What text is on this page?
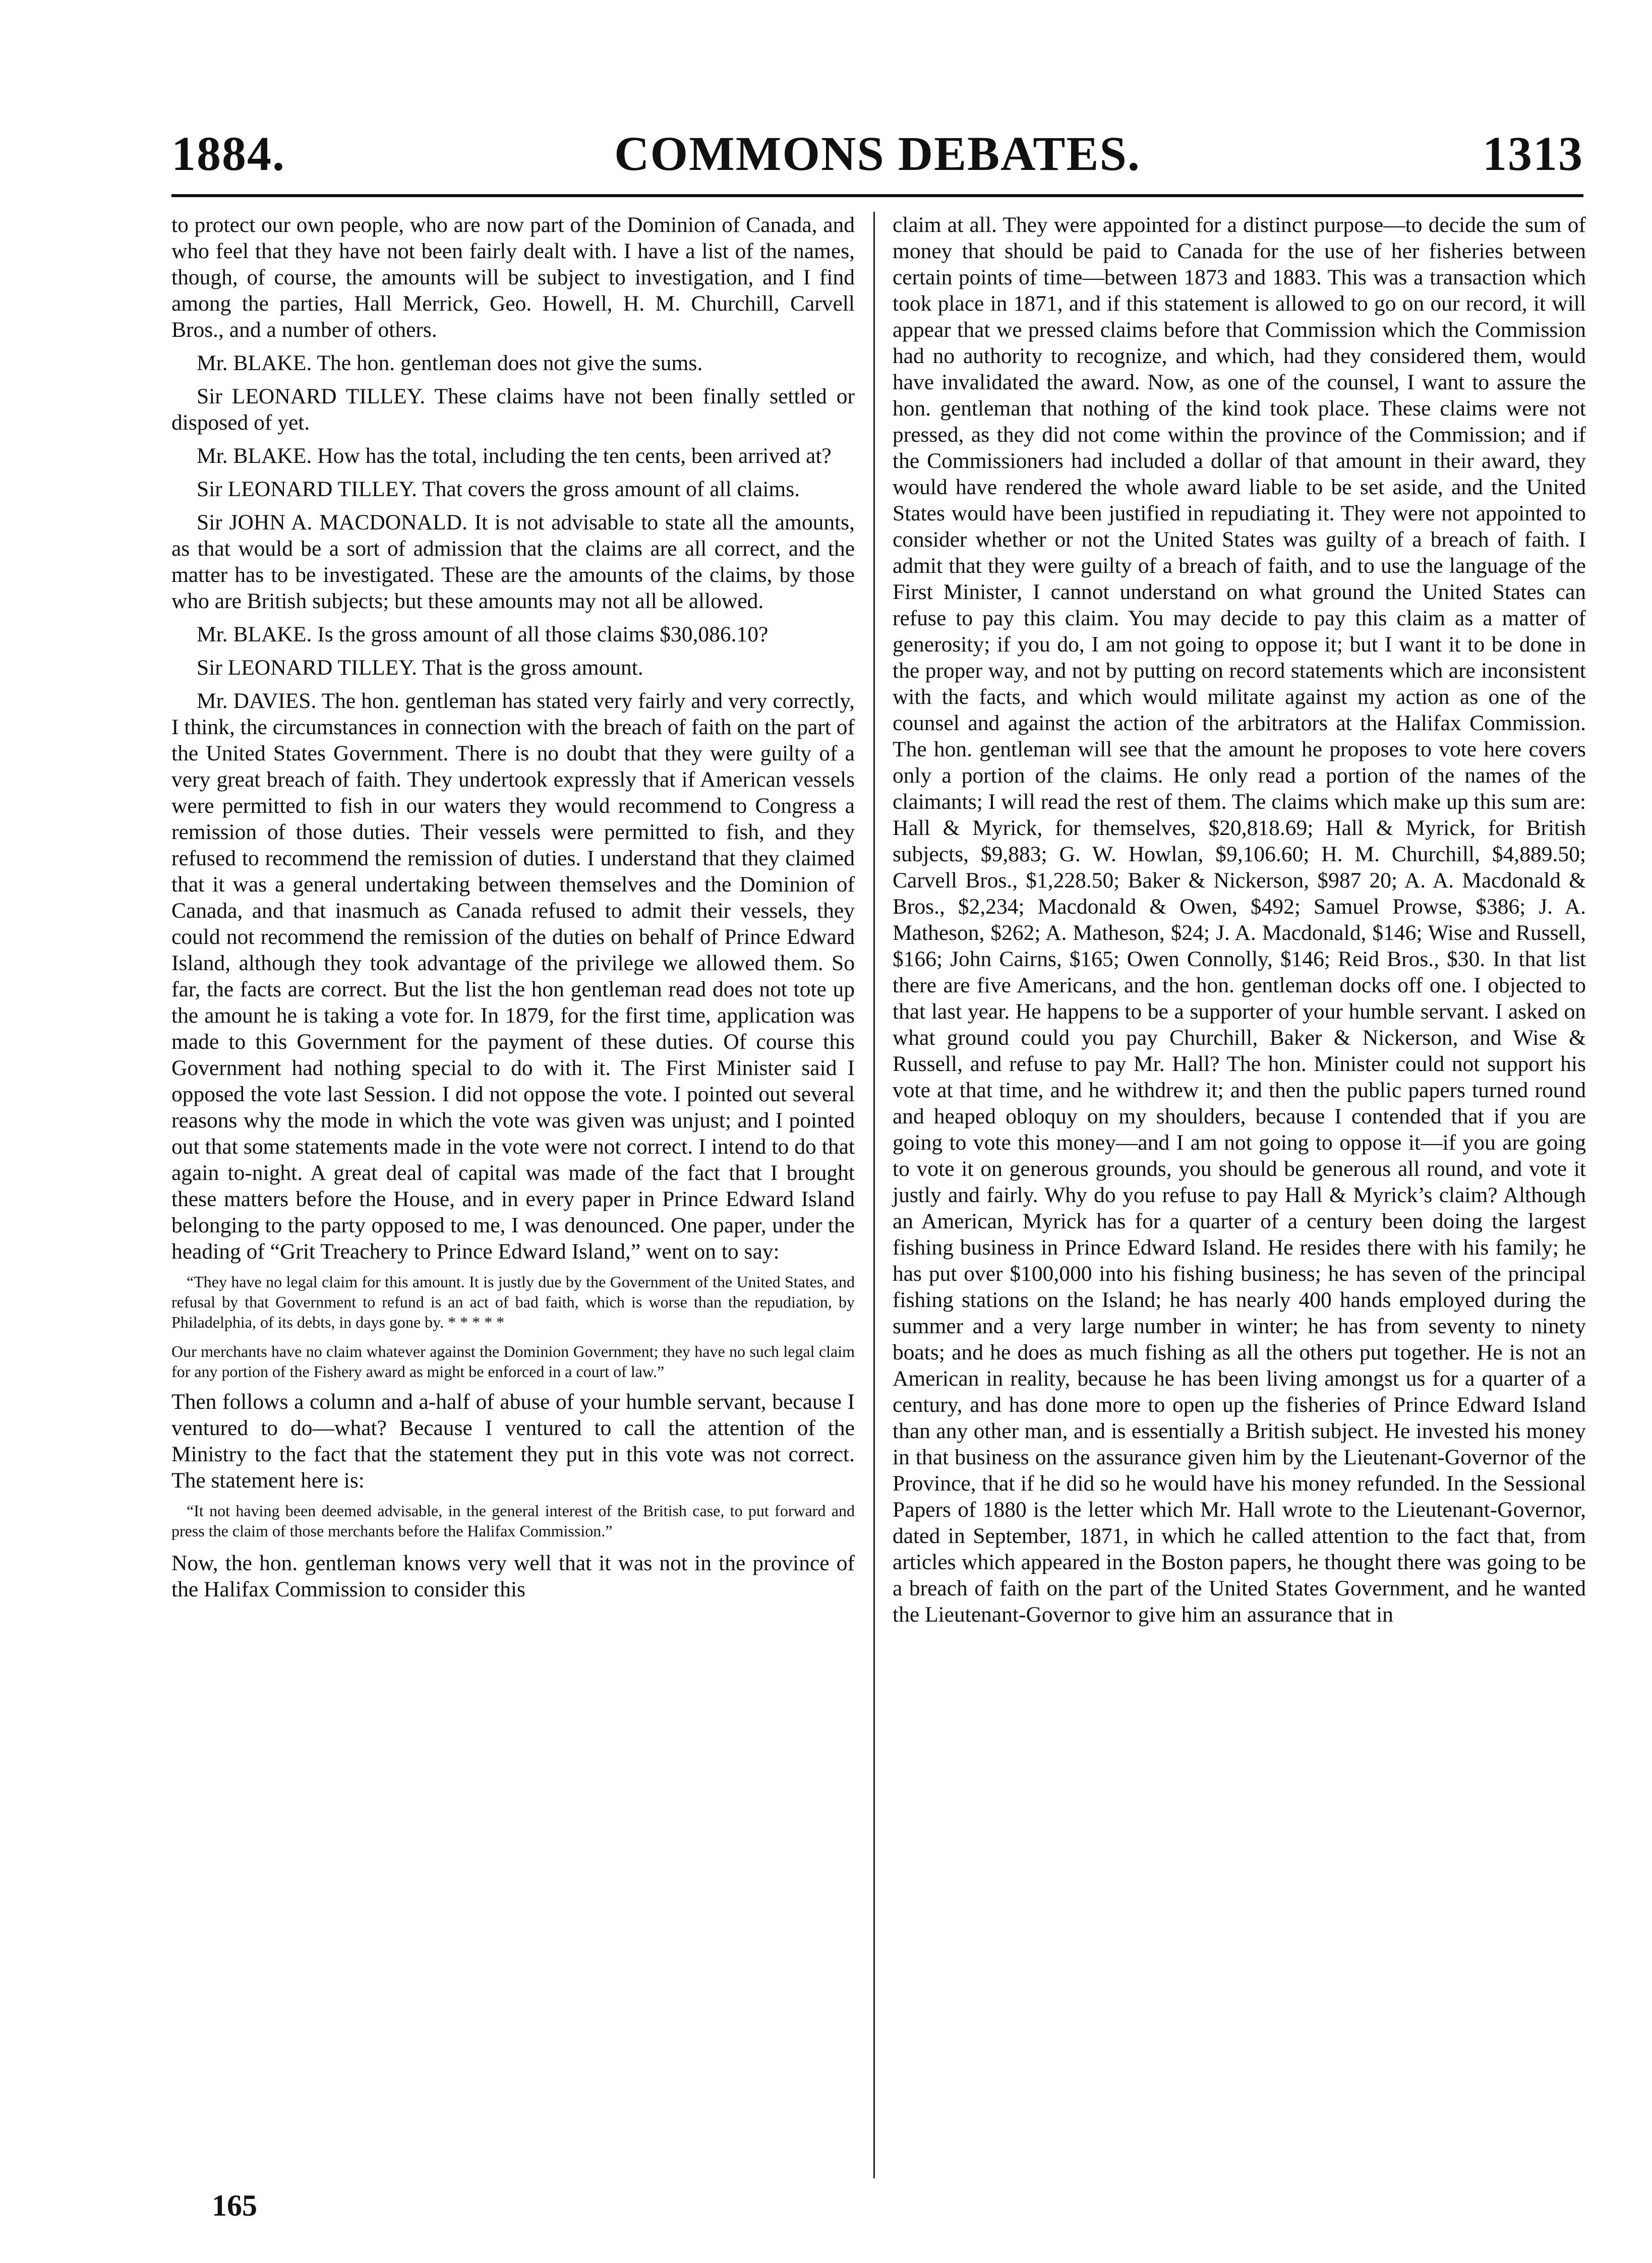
1884.	COMMONS DEBATES.	1313

to protect our own people, who are now part of the Dominion of Canada, and who feel that they have not been fairly dealt with. I have a list of the names, though, of course, the amounts will be subject to investigation, and I find among the parties, Hall Merrick, Geo. Howell, H. M. Churchill, Carvell Bros., and a number of others.

Mr. BLAKE. The hon. gentleman does not give the sums.

Sir LEONARD TILLEY. These claims have not been finally settled or disposed of yet.

Mr. BLAKE. How has the total, including the ten cents, been arrived at?

Sir LEONARD TILLEY. That covers the gross amount of all claims.

Sir JOHN A. MACDONALD. It is not advisable to state all the amounts, as that would be a sort of admission that the claims are all correct, and the matter has to be investigated. These are the amounts of the claims, by those who are British subjects; but these amounts may not all be allowed.

Mr. BLAKE. Is the gross amount of all those claims $30,086.10?

Sir LEONARD TILLEY. That is the gross amount.

Mr. DAVIES. The hon. gentleman has stated very fairly and very correctly, I think, the circumstances in connection with the breach of faith on the part of the United States Government. There is no doubt that they were guilty of a very great breach of faith. They undertook expressly that if American vessels were permitted to fish in our waters they would recommend to Congress a remission of those duties. Their vessels were permitted to fish, and they refused to recommend the remission of duties. I understand that they claimed that it was a general undertaking between themselves and the Dominion of Canada, and that inasmuch as Canada refused to admit their vessels, they could not recommend the remission of the duties on behalf of Prince Edward Island, although they took advantage of the privilege we allowed them. So far, the facts are correct. But the list the hon gentleman read does not tote up the amount he is taking a vote for. In 1879, for the first time, application was made to this Government for the payment of these duties. Of course this Government had nothing special to do with it. The First Minister said I opposed the vote last Session. I did not oppose the vote. I pointed out several reasons why the mode in which the vote was given was unjust; and I pointed out that some statements made in the vote were not correct. I intend to do that again to-night. A great deal of capital was made of the fact that I brought these matters before the House, and in every paper in Prince Edward Island belonging to the party opposed to me, I was denounced. One paper, under the heading of “Grit Treachery to Prince Edward Island,” went on to say:

“They have no legal claim for this amount. It is justly due by the Government of the United States, and refusal by that Government to refund is an act of bad faith, which is worse than the repudiation, by Philadelphia, of its debts, in days gone by. * * * * *

Our merchants have no claim whatever against the Dominion Government; they have no such legal claim for any portion of the Fishery award as might be enforced in a court of law.”

Then follows a column and a-half of abuse of your humble servant, because I ventured to do—what? Because I ventured to call the attention of the Ministry to the fact that the statement they put in this vote was not correct. The statement here is:

“It not having been deemed advisable, in the general interest of the British case, to put forward and press the claim of those merchants before the Halifax Commission.”

Now, the hon. gentleman knows very well that it was not in the province of the Halifax Commission to consider this

claim at all. They were appointed for a distinct purpose—to decide the sum of money that should be paid to Canada for the use of her fisheries between certain points of time—between 1873 and 1883. This was a transaction which took place in 1871, and if this statement is allowed to go on our record, it will appear that we pressed claims before that Commission which the Commission had no authority to recognize, and which, had they considered them, would have invalidated the award. Now, as one of the counsel, I want to assure the hon. gentleman that nothing of the kind took place. These claims were not pressed, as they did not come within the province of the Commission; and if the Commissioners had included a dollar of that amount in their award, they would have rendered the whole award liable to be set aside, and the United States would have been justified in repudiating it. They were not appointed to consider whether or not the United States was guilty of a breach of faith. I admit that they were guilty of a breach of faith, and to use the language of the First Minister, I cannot understand on what ground the United States can refuse to pay this claim. You may decide to pay this claim as a matter of generosity; if you do, I am not going to oppose it; but I want it to be done in the proper way, and not by putting on record statements which are inconsistent with the facts, and which would militate against my action as one of the counsel and against the action of the arbitrators at the Halifax Commission. The hon. gentleman will see that the amount he proposes to vote here covers only a portion of the claims. He only read a portion of the names of the claimants; I will read the rest of them. The claims which make up this sum are: Hall & Myrick, for themselves, $20,818.69; Hall & Myrick, for British subjects, $9,883; G. W. Howlan, $9,106.60; H. M. Churchill, $4,889.50; Carvell Bros., $1,228.50; Baker & Nickerson, $987 20; A. A. Macdonald & Bros., $2,234; Macdonald & Owen, $492; Samuel Prowse, $386; J. A. Matheson, $262; A. Matheson, $24; J. A. Macdonald, $146; Wise and Russell, $166; John Cairns, $165; Owen Connolly, $146; Reid Bros., $30. In that list there are five Americans, and the hon. gentleman docks off one. I objected to that last year. He happens to be a supporter of your humble servant. I asked on what ground could you pay Churchill, Baker & Nickerson, and Wise & Russell, and refuse to pay Mr. Hall? The hon. Minister could not support his vote at that time, and he withdrew it; and then the public papers turned round and heaped obloquy on my shoulders, because I contended that if you are going to vote this money—and I am not going to oppose it—if you are going to vote it on generous grounds, you should be generous all round, and vote it justly and fairly. Why do you refuse to pay Hall & Myrick’s claim? Although an American, Myrick has for a quarter of a century been doing the largest fishing business in Prince Edward Island. He resides there with his family; he has put over $100,000 into his fishing business; he has seven of the principal fishing stations on the Island; he has nearly 400 hands employed during the summer and a very large number in winter; he has from seventy to ninety boats; and he does as much fishing as all the others put together. He is not an American in reality, because he has been living amongst us for a quarter of a century, and has done more to open up the fisheries of Prince Edward Island than any other man, and is essentially a British subject. He invested his money in that business on the assurance given him by the Lieutenant-Governor of the Province, that if he did so he would have his money refunded. In the Sessional Papers of 1880 is the letter which Mr. Hall wrote to the Lieutenant-Governor, dated in September, 1871, in which he called attention to the fact that, from articles which appeared in the Boston papers, he thought there was going to be a breach of faith on the part of the United States Government, and he wanted the Lieutenant-Governor to give him an assurance that in

165
